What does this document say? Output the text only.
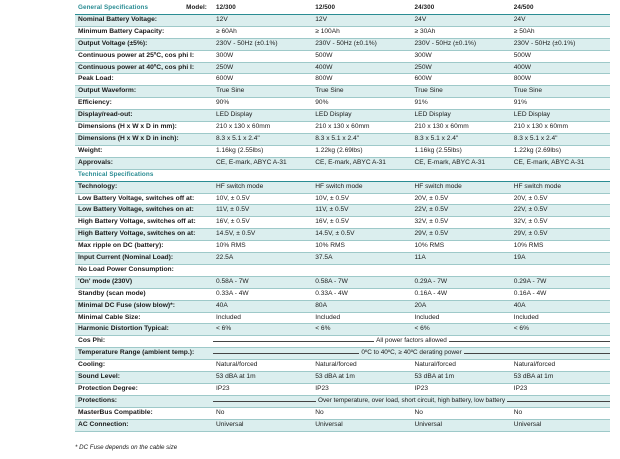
General Specifications Model:	12/300	12/500	24/300	24/500
Nominal Battery Voltage:	12V	12V	24V	24V
Minimum Battery Capacity:	≥ 60Ah	≥ 100Ah	≥ 30Ah	≥ 50Ah
Output Voltage (±5%):	230V - 50Hz (±0.1%)	230V - 50Hz (±0.1%)	230V - 50Hz (±0.1%)	230V - 50Hz (±0.1%)
Continuous power at 25ºC, cos phi I:	300W	500W	300W	500W
Continuous power at 40ºC, cos phi I:	250W	400W	250W	400W
Peak Load:	600W	800W	600W	800W
Output Waveform:	True Sine	True Sine	True Sine	True Sine
Efficiency:	90%	90%	91%	91%
Display/read-out:	LED Display	LED Display	LED Display	LED Display
Dimensions (H x W x D in mm):	210 x 130 x 60mm	210 x 130 x 60mm	210 x 130 x 60mm	210 x 130 x 60mm
Dimensions (H x W x D in inch):	8.3 x 5.1 x 2.4"	8.3 x 5.1 x 2.4"	8.3 x 5.1 x 2.4"	8.3 x 5.1 x 2.4"
Weight:	1.16kg (2.55lbs)	1.22kg (2.69lbs)	1.16kg (2.55lbs)	1.22kg (2.69lbs)
Approvals:	CE, E-mark, ABYC A-31	CE, E-mark, ABYC A-31	CE, E-mark, ABYC A-31	CE, E-mark, ABYC A-31
Technical Specifications				
Technology:	HF switch mode	HF switch mode	HF switch mode	HF switch mode
Low Battery Voltage, switches off at:	10V, ± 0.5V	10V, ± 0.5V	20V, ± 0.5V	20V, ± 0.5V
Low Battery Voltage, switches on at:	11V, ± 0.5V	11V, ± 0.5V	22V, ± 0.5V	22V, ± 0.5V
High Battery Voltage, switches off at:	16V, ± 0.5V	16V, ± 0.5V	32V, ± 0.5V	32V, ± 0.5V
High Battery Voltage, switches on at:	14.5V, ± 0.5V	14.5V, ± 0.5V	29V, ± 0.5V	29V, ± 0.5V
Max ripple on DC (battery):	10% RMS	10% RMS	10% RMS	10% RMS
Input Current (Nominal Load):	22.5A	37.5A	11A	19A
No Load Power Consumption:				
'On' mode (230V)	0.58A - 7W	0.58A - 7W	0.29A - 7W	0.29A - 7W
Standby (scan mode)	0.33A - 4W	0.33A - 4W	0.16A - 4W	0.16A - 4W
Minimal DC Fuse (slow blow)*:	40A	80A	20A	40A
Minimal Cable Size:	Included	Included	Included	Included
Harmonic Distortion Typical:	< 6%	< 6%	< 6%	< 6%
Cos Phi:	All power factors allowed			

Temperature Range (ambient temp.):	0ºC to 40ºC, ≥ 40ºC derating power			

Cooling:	Natural/forced	Natural/forced	Natural/forced	Natural/forced
Sound Level:	53 dBA at 1m	53 dBA at 1m	53 dBA at 1m	53 dBA at 1m
Protection Degree:	IP23	IP23	IP23	IP23
Protections:	Over temperature, over load, short circuit, high battery, low battery			

MasterBus Compatible:	No	No	No	No
AC Connection:	Universal	Universal	Universal	Universal
* DC Fuse depends on the cable size
